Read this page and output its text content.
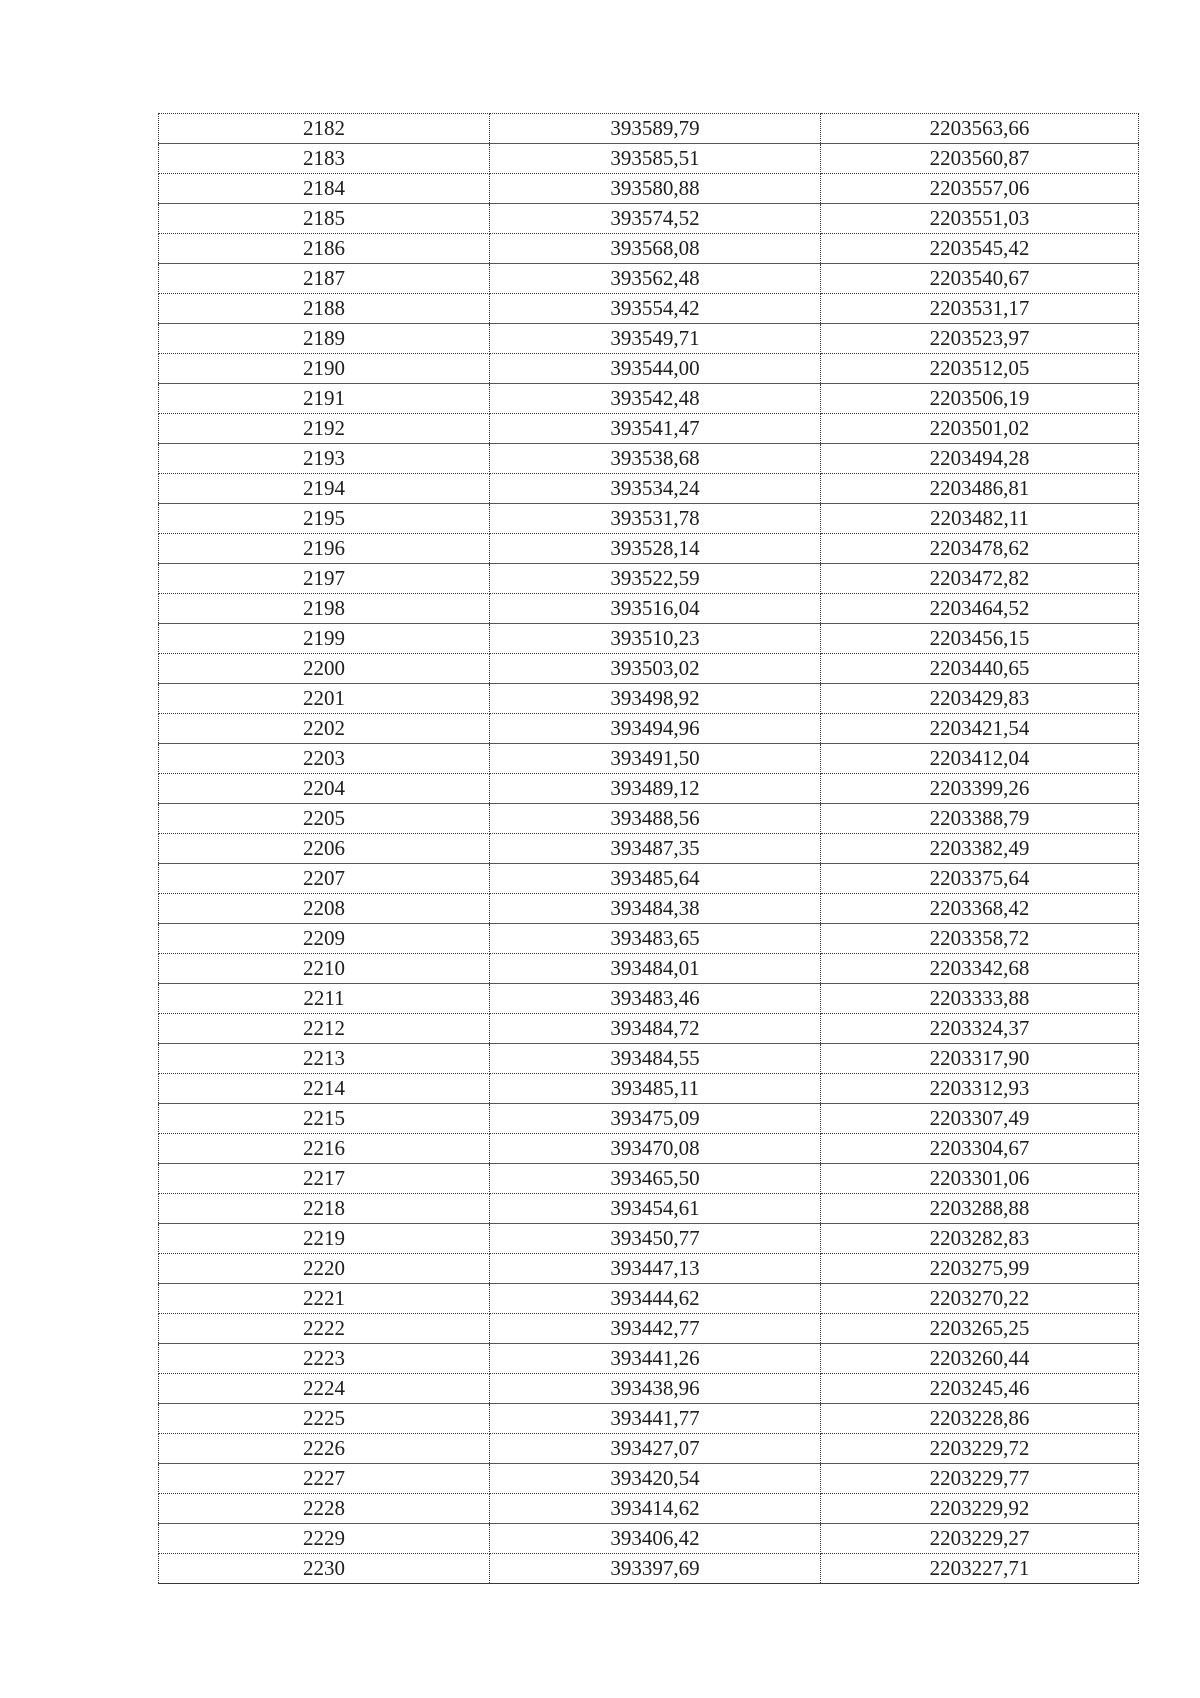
2182	393589,79	2203563,66
2183	393585,51	2203560,87
2184	393580,88	2203557,06
2185	393574,52	2203551,03
2186	393568,08	2203545,42
2187	393562,48	2203540,67
2188	393554,42	2203531,17
2189	393549,71	2203523,97
2190	393544,00	2203512,05
2191	393542,48	2203506,19
2192	393541,47	2203501,02
2193	393538,68	2203494,28
2194	393534,24	2203486,81
2195	393531,78	2203482,11
2196	393528,14	2203478,62
2197	393522,59	2203472,82
2198	393516,04	2203464,52
2199	393510,23	2203456,15
2200	393503,02	2203440,65
2201	393498,92	2203429,83
2202	393494,96	2203421,54
2203	393491,50	2203412,04
2204	393489,12	2203399,26
2205	393488,56	2203388,79
2206	393487,35	2203382,49
2207	393485,64	2203375,64
2208	393484,38	2203368,42
2209	393483,65	2203358,72
2210	393484,01	2203342,68
2211	393483,46	2203333,88
2212	393484,72	2203324,37
2213	393484,55	2203317,90
2214	393485,11	2203312,93
2215	393475,09	2203307,49
2216	393470,08	2203304,67
2217	393465,50	2203301,06
2218	393454,61	2203288,88
2219	393450,77	2203282,83
2220	393447,13	2203275,99
2221	393444,62	2203270,22
2222	393442,77	2203265,25
2223	393441,26	2203260,44
2224	393438,96	2203245,46
2225	393441,77	2203228,86
2226	393427,07	2203229,72
2227	393420,54	2203229,77
2228	393414,62	2203229,92
2229	393406,42	2203229,27
2230	393397,69	2203227,71
